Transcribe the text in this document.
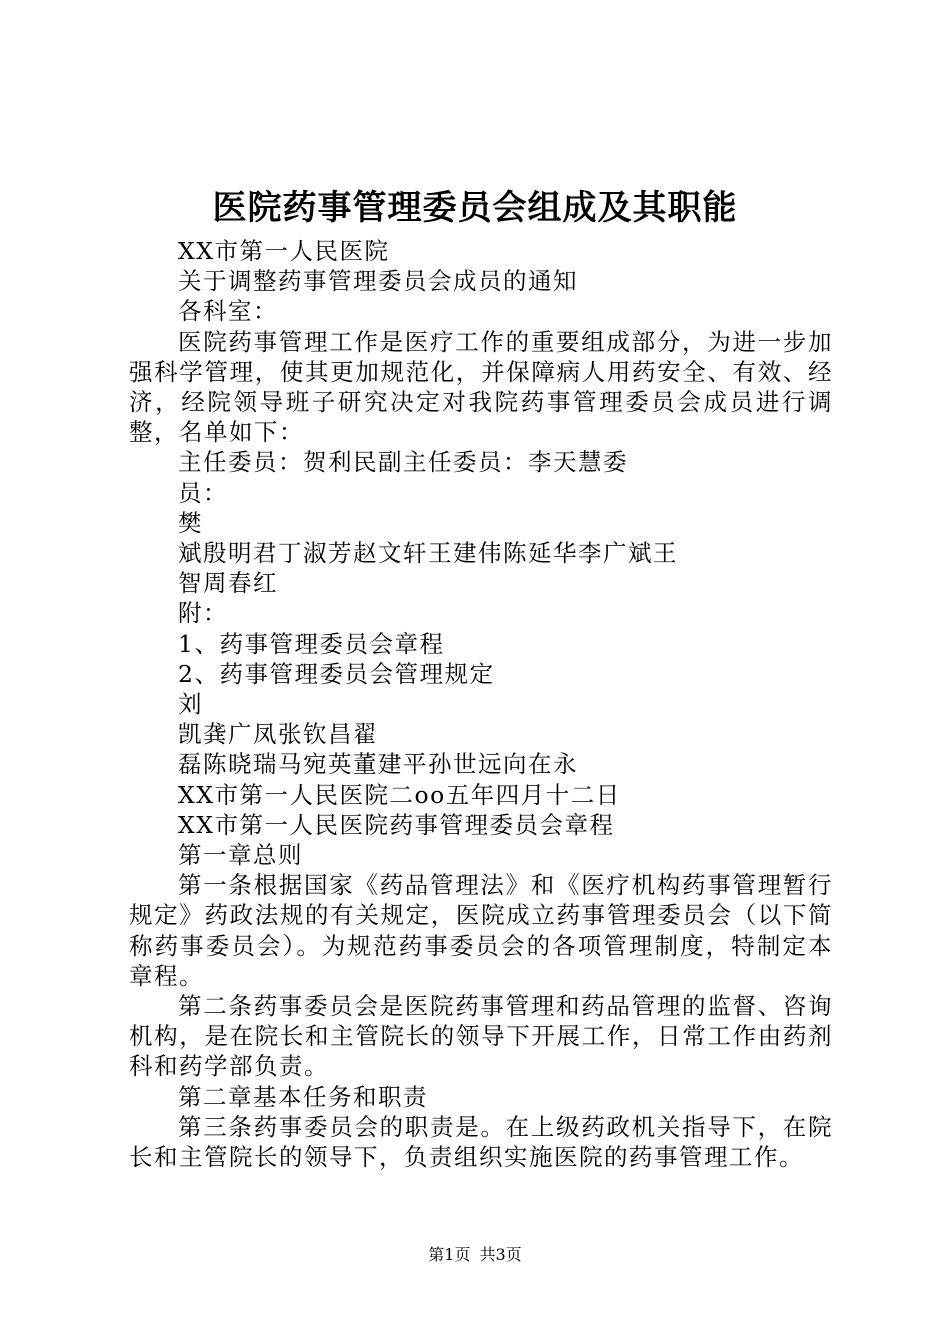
医院药事管理委员会组成及其职能

XX市第一人民医院

关于调整药事管理委员会成员的通知

各科室：

医院药事管理工作是医疗工作的重要组成部分，为进一步加强科学管理，使其更加规范化，并保障病人用药安全、有效、经济，经院领导班子研究决定对我院药事管理委员会成员进行调整，名单如下：

主任委员：贺利民副主任委员：李天慧委

员：

樊

斌殷明君丁淑芳赵文轩王建伟陈延华李广斌王

智周春红

附：

1、药事管理委员会章程

2、药事管理委员会管理规定

刘

凯龚广凤张钦昌翟

磊陈晓瑞马宛英董建平孙世远向在永

XX市第一人民医院二oo五年四月十二日

XX市第一人民医院药事管理委员会章程

第一章总则

第一条根据国家《药品管理法》和《医疗机构药事管理暂行规定》药政法规的有关规定，医院成立药事管理委员会（以下简称药事委员会）。为规范药事委员会的各项管理制度，特制定本章程。

第二条药事委员会是医院药事管理和药品管理的监督、咨询机构，是在院长和主管院长的领导下开展工作，日常工作由药剂科和药学部负责。

第二章基本任务和职责

第三条药事委员会的职责是。在上级药政机关指导下，在院长和主管院长的领导下，负责组织实施医院的药事管理工作。

第1页 共3页
